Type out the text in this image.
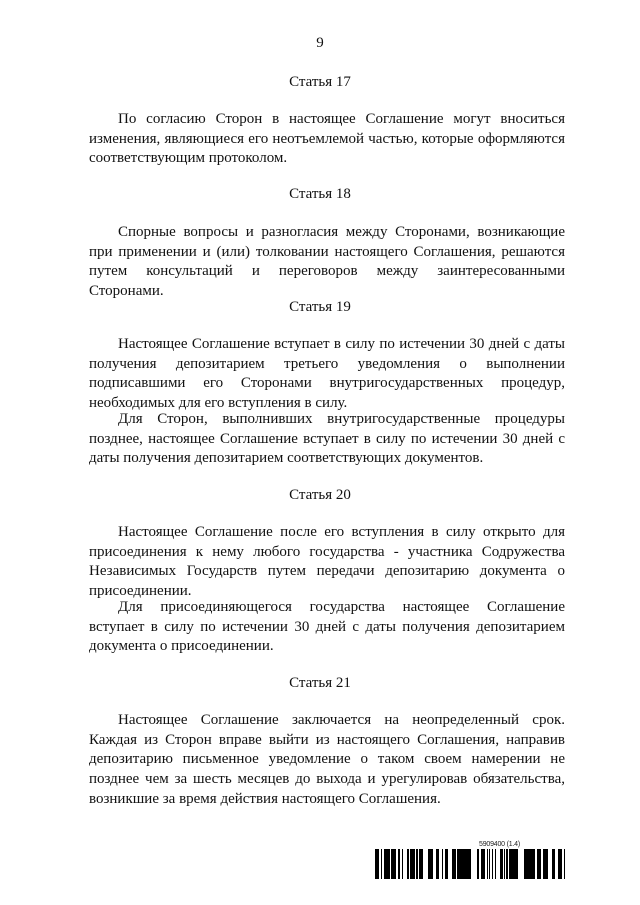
9
Статья 17

По согласию Сторон в настоящее Соглашение могут вноситься изменения, являющиеся его неотъемлемой частью, которые оформляются соответствующим протоколом.

Статья 18

Спорные вопросы и разногласия между Сторонами, возникающие при применении и (или) толковании настоящего Соглашения, решаются путем консультаций и переговоров между заинтересованными Сторонами.

Статья 19

Настоящее Соглашение вступает в силу по истечении 30 дней с даты получения депозитарием третьего уведомления о выполнении подписавшими его Сторонами внутригосударственных процедур, необходимых для его вступления в силу.

Для Сторон, выполнивших внутригосударственные процедуры позднее, настоящее Соглашение вступает в силу по истечении 30 дней с даты получения депозитарием соответствующих документов.

Статья 20

Настоящее Соглашение после его вступления в силу открыто для присоединения к нему любого государства - участника Содружества Независимых Государств путем передачи депозитарию документа о присоединении.

Для присоединяющегося государства настоящее Соглашение вступает в силу по истечении 30 дней с даты получения депозитарием документа о присоединении.

Статья 21

Настоящее Соглашение заключается на неопределенный срок. Каждая из Сторон вправе выйти из настоящего Соглашения, направив депозитарию письменное уведомление о таком своем намерении не позднее чем за шесть месяцев до выхода и урегулировав обязательства, возникшие за время действия настоящего Соглашения.

5909400 (1.4)
